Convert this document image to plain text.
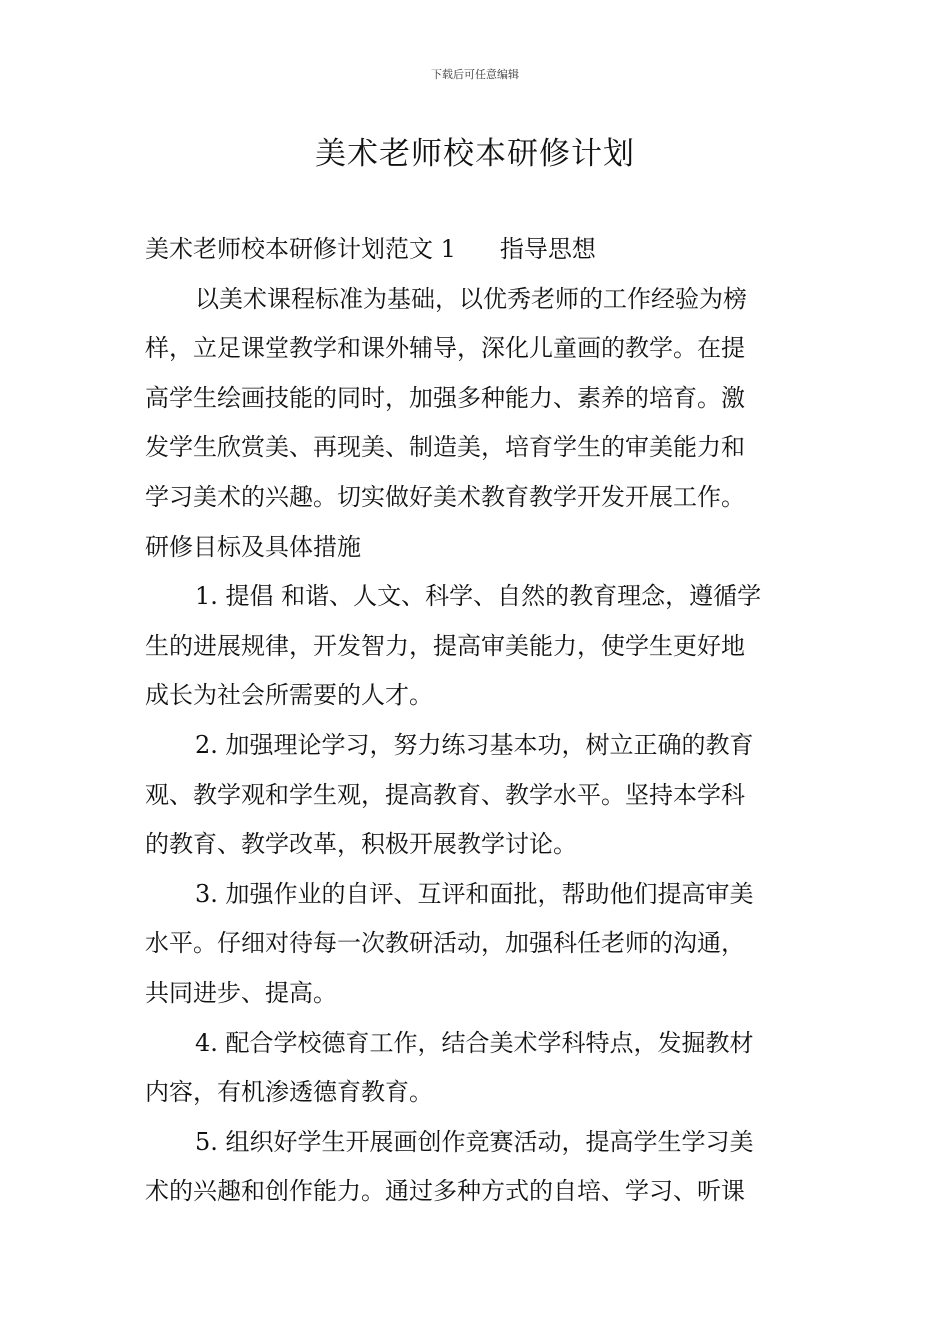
下载后可任意编辑
美术老师校本研修计划
美术老师校本研修计划范文 1 指导思想
以美术课程标准为基础，以优秀老师的工作经验为榜
样，立足课堂教学和课外辅导，深化儿童画的教学。在提
高学生绘画技能的同时，加强多种能力、素养的培育。激
发学生欣赏美、再现美、制造美，培育学生的审美能力和
学习美术的兴趣。切实做好美术教育教学开发开展工作。
研修目标及具体措施
1. 提倡 和谐、人文、科学、自然的教育理念，遵循学
生的进展规律，开发智力，提高审美能力，使学生更好地
成长为社会所需要的人才。
2. 加强理论学习，努力练习基本功，树立正确的教育
观、教学观和学生观，提高教育、教学水平。坚持本学科
的教育、教学改革，积极开展教学讨论。
3. 加强作业的自评、互评和面批，帮助他们提高审美
水平。仔细对待每一次教研活动，加强科任老师的沟通，
共同进步、提高。
4. 配合学校德育工作，结合美术学科特点，发掘教材
内容，有机渗透德育教育。
5. 组织好学生开展画创作竞赛活动，提高学生学习美
术的兴趣和创作能力。通过多种方式的自培、学习、听课
